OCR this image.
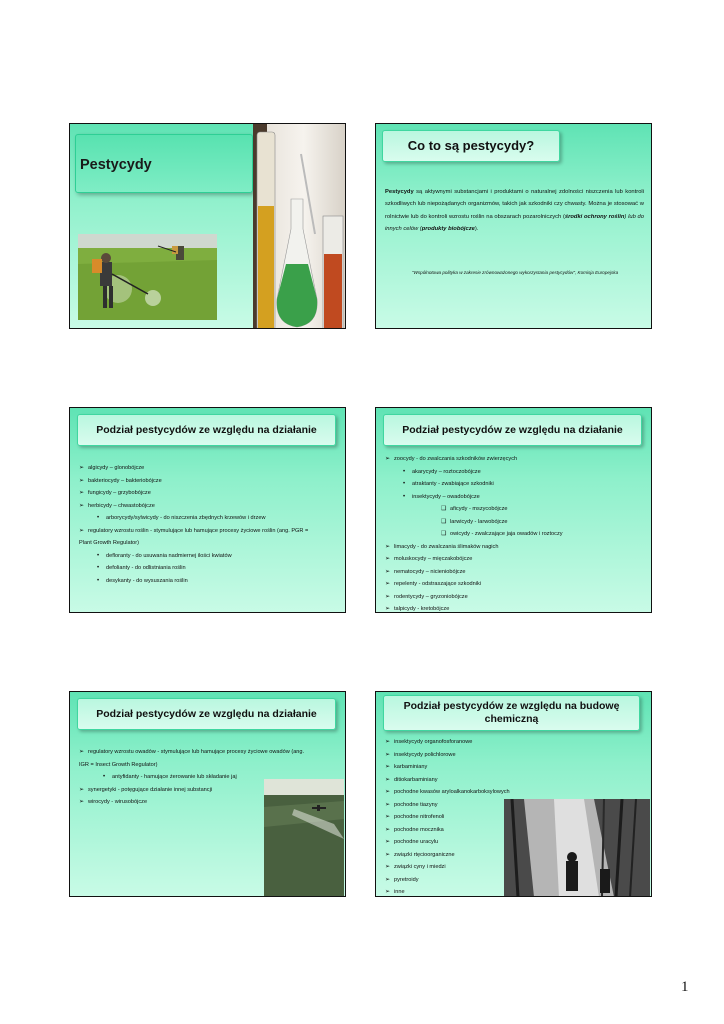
Pestycydy
Co to są pestycydy?
Pestycydy są aktywnymi substancjami i produktami o naturalnej zdolności niszczenia lub kontroli szkodliwych lub niepożądanych organizmów, takich jak szkodniki czy chwasty. Można je stosować w rolnictwie lub do kontroli wzrostu roślin na obszarach pozarolniczych (środki ochrony roślin) lub do innych celów (produkty biobójcze).
"Wspólnotowa polityka w zakresie zrównoważonego wykorzystania pestycydów", Komisja Europejska
Podział pestycydów ze względu na działanie
➢ algicydy – glonobójcze
➢ bakteriocydy – bakteriobójcze
➢ fungicydy – grzybobójcze
➢ herbicydy – chwastobójcze
• arborycydy/sylwicydy - do niszczenia zbędnych krzewów i drzew
➢ regulatory wzrostu roślin - stymulujące lub hamujące procesy życiowe roślin (ang. PGR =
Plant Growth Regulator)
• defloranty - do usuwania nadmiernej ilości kwiatów
• defolianty - do odlistniania roślin
• desykanty - do wysuszania roślin
Podział pestycydów ze względu na działanie
➢ zoocydy - do zwalczania szkodników zwierzęcych
• akarycydy – roztoczobójcze
• atraktanty - zwabiające szkodniki
• insektycydy – owadobójcze
❑ aficydy - mszycobójcze
❑ larwicydy - larwobójcze
❑ owicydy - zwalczające jaja owadów i roztoczy
➢ limacydy - do zwalczania ślimaków nagich
➢ moluskocydy – mięczakobójcze
➢ nematocydy – nicieniobójcze
➢ repelenty - odstraszające szkodniki
➢ rodentycydy – gryzoniobójcze
➢ talpicydy - kretobójcze
Podział pestycydów ze względu na działanie
➢ regulatory wzrostu owadów - stymulujące lub hamujące procesy życiowe owadów (ang.
IGR = Insect Growth Regulator)
• antyfidanty - hamujące żerowanie lub składanie jaj
➢ synergetyki - potęgujące działanie innej substancji
➢ wirocydy - wirusobójcze
Podział pestycydów ze względu na budowę chemiczną
➢ insektycydy organofosforanowe
➢ insektycydy polichlorowe
➢ karbaminiany
➢ ditiokarbaminiany
➢ pochodne kwasów aryloalkanokarboksylowych
➢ pochodne tiazyny
➢ pochodne nitrofenoli
➢ pochodne mocznika
➢ pochodne uracylu
➢ związki rtęcioorganiczne
➢ związki cyny i miedzi
➢ pyretroidy
➢ inne
1
